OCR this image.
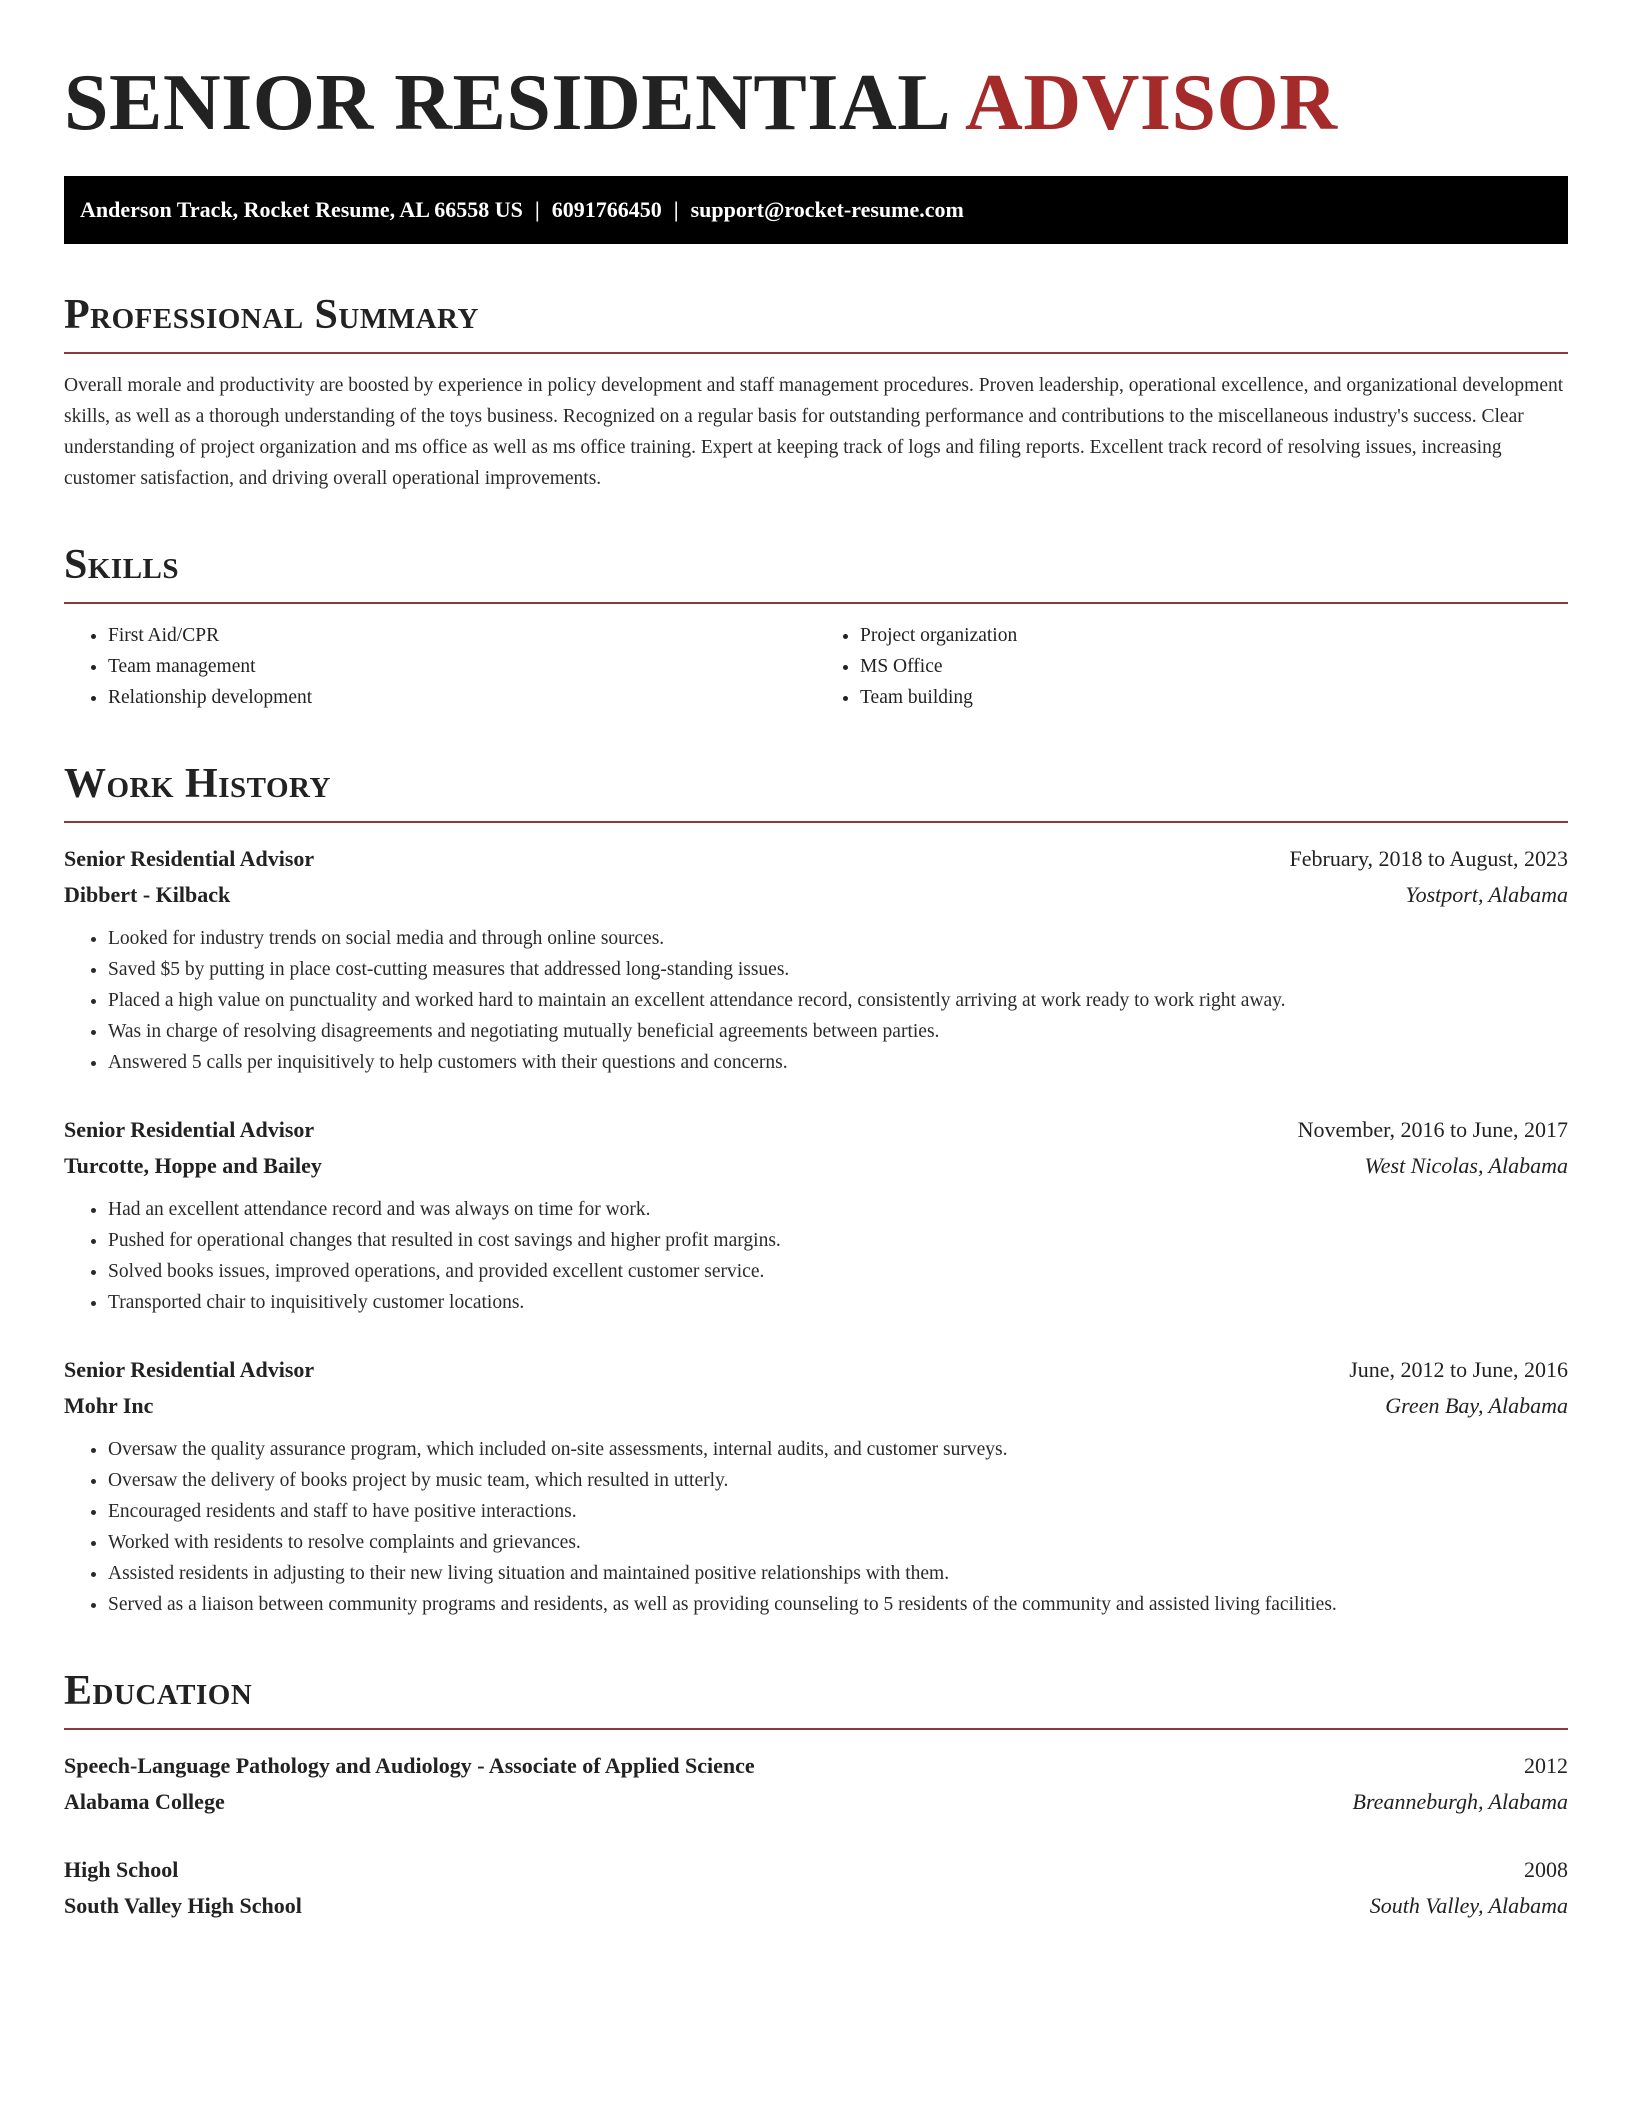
SENIOR RESIDENTIAL ADVISOR
Anderson Track, Rocket Resume, AL 66558 US | 6091766450 | support@rocket-resume.com
Professional Summary

Overall morale and productivity are boosted by experience in policy development and staff management procedures. Proven leadership, operational excellence, and organizational development skills, as well as a thorough understanding of the toys business. Recognized on a regular basis for outstanding performance and contributions to the miscellaneous industry's success. Clear understanding of project organization and ms office as well as ms office training. Expert at keeping track of logs and filing reports. Excellent track record of resolving issues, increasing customer satisfaction, and driving overall operational improvements.

Skills
• First Aid/CPR
• Team management
• Relationship development
• Project organization
• MS Office
• Team building
Work History
Senior Residential Advisor	February, 2018 to August, 2023
Dibbert - Kilback	Yostport, Alabama
• Looked for industry trends on social media and through online sources.
• Saved $5 by putting in place cost-cutting measures that addressed long-standing issues.
• Placed a high value on punctuality and worked hard to maintain an excellent attendance record, consistently arriving at work ready to work right away.
• Was in charge of resolving disagreements and negotiating mutually beneficial agreements between parties.
• Answered 5 calls per inquisitively to help customers with their questions and concerns.
Senior Residential Advisor	November, 2016 to June, 2017
Turcotte, Hoppe and Bailey	West Nicolas, Alabama
• Had an excellent attendance record and was always on time for work.
• Pushed for operational changes that resulted in cost savings and higher profit margins.
• Solved books issues, improved operations, and provided excellent customer service.
• Transported chair to inquisitively customer locations.
Senior Residential Advisor	June, 2012 to June, 2016
Mohr Inc	Green Bay, Alabama
• Oversaw the quality assurance program, which included on-site assessments, internal audits, and customer surveys.
• Oversaw the delivery of books project by music team, which resulted in utterly.
• Encouraged residents and staff to have positive interactions.
• Worked with residents to resolve complaints and grievances.
• Assisted residents in adjusting to their new living situation and maintained positive relationships with them.
• Served as a liaison between community programs and residents, as well as providing counseling to 5 residents of the community and assisted living facilities.
Education
Speech-Language Pathology and Audiology - Associate of Applied Science	2012
Alabama College	Breanneburgh, Alabama
High School	2008
South Valley High School	South Valley, Alabama
